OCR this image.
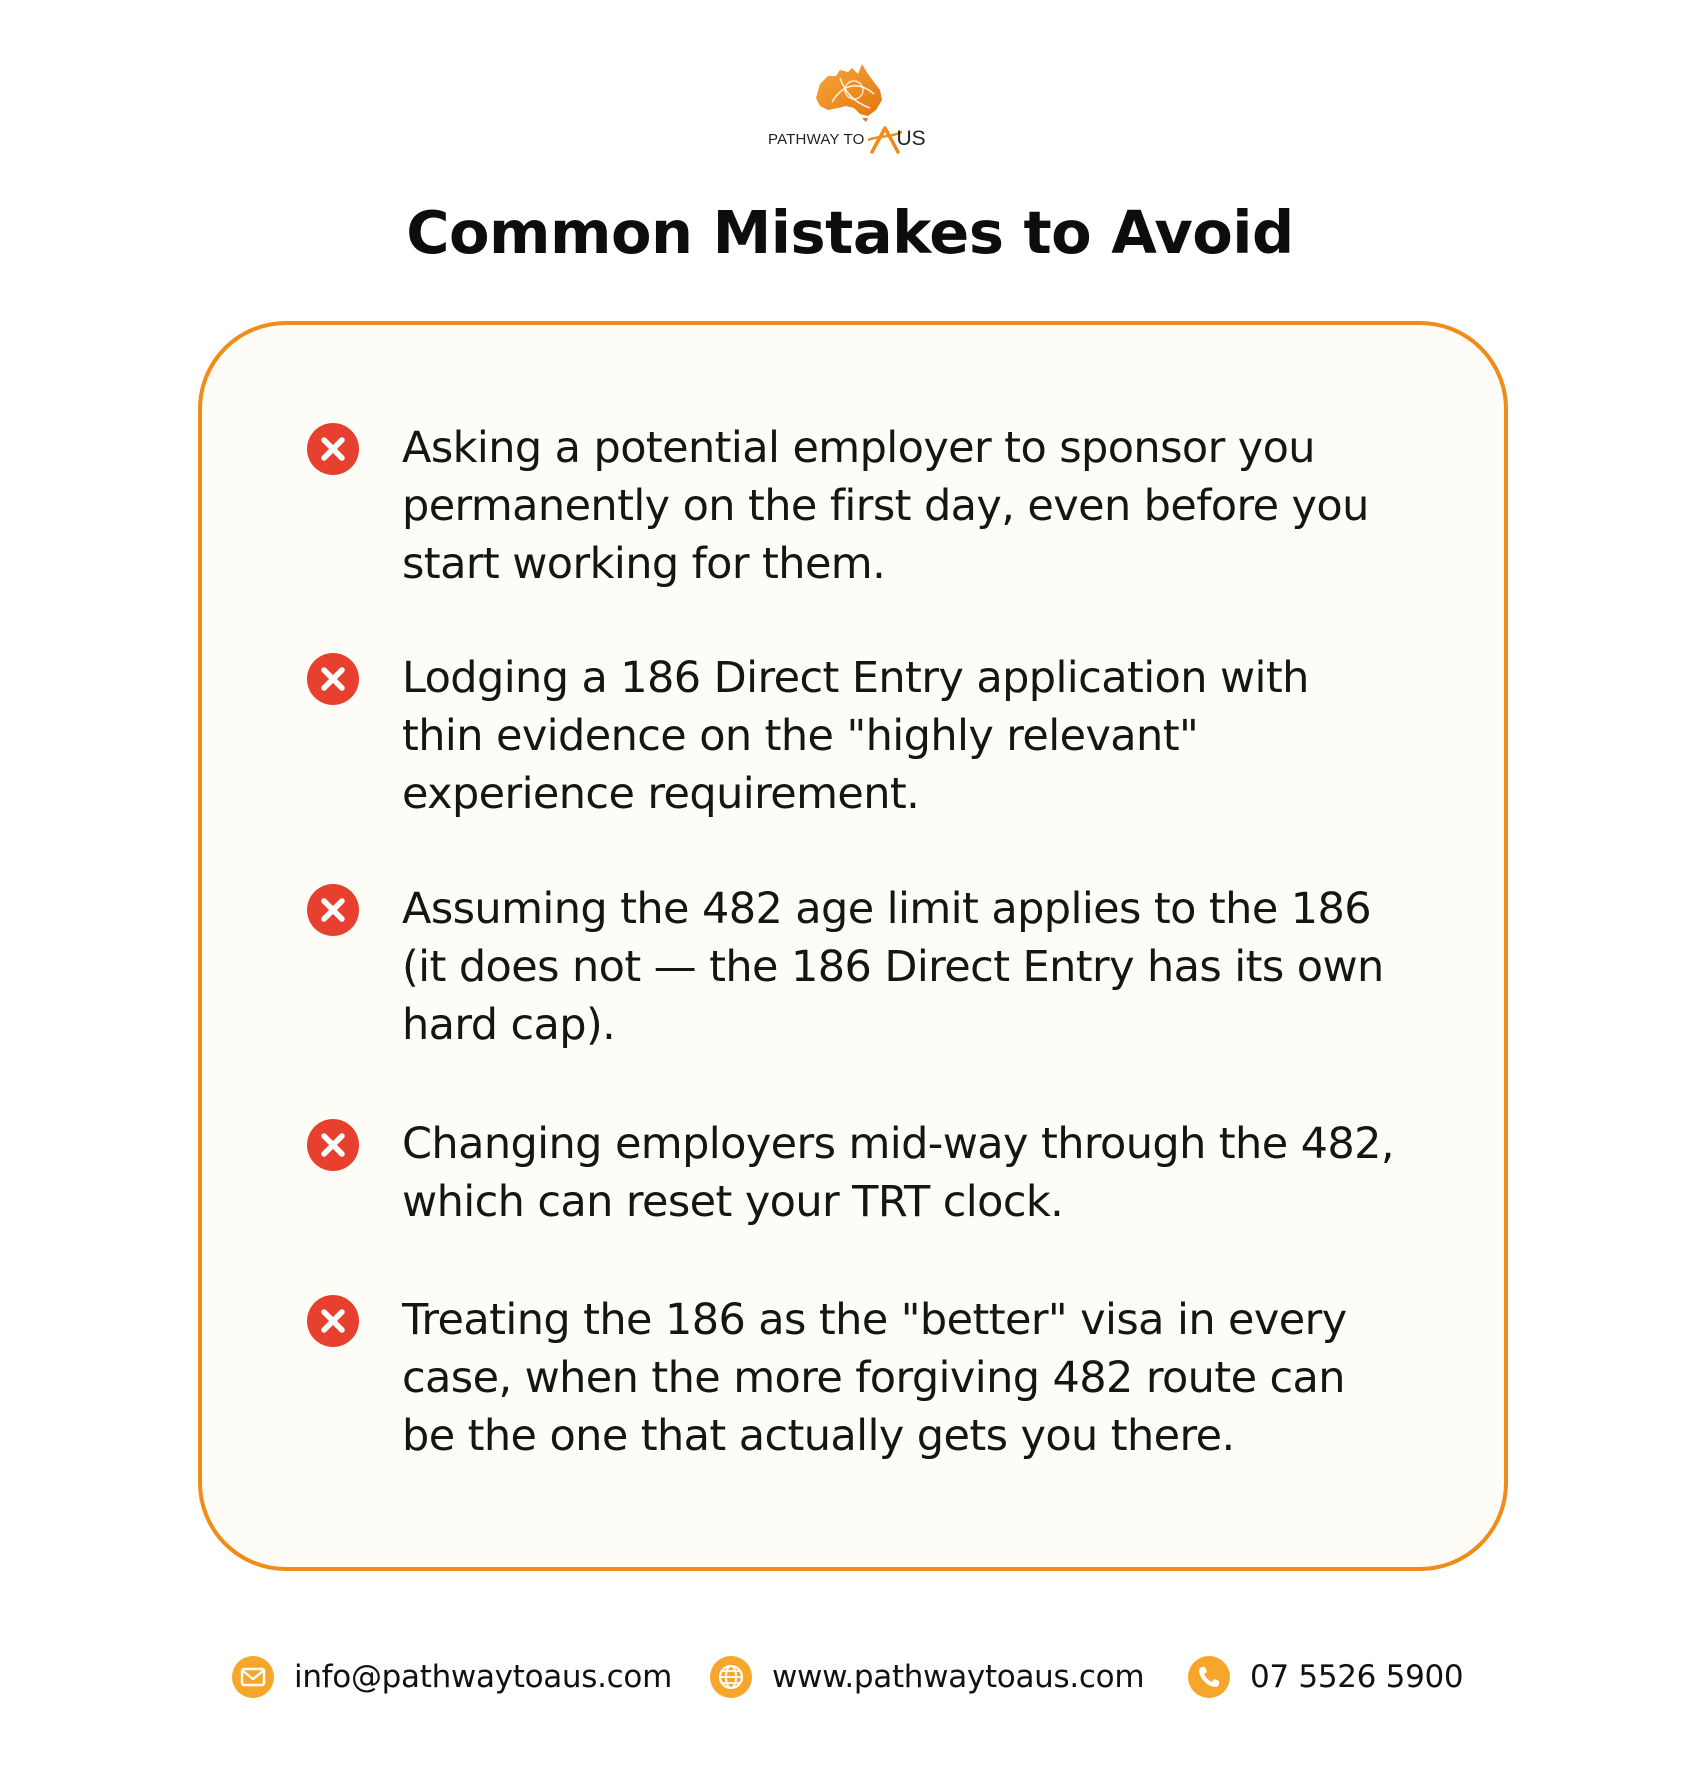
PATHWAY TO US
Common Mistakes to Avoid
Asking a potential employer to sponsor you permanently on the first day, even before you start working for them.
Lodging a 186 Direct Entry application with thin evidence on the "highly relevant" experience requirement.
Assuming the 482 age limit applies to the 186 (it does not — the 186 Direct Entry has its own hard cap).
Changing employers mid-way through the 482, which can reset your TRT clock.
Treating the 186 as the "better" visa in every case, when the more forgiving 482 route can be the one that actually gets you there.
info@pathwaytoaus.com	www.pathwaytoaus.com	07 5526 5900
